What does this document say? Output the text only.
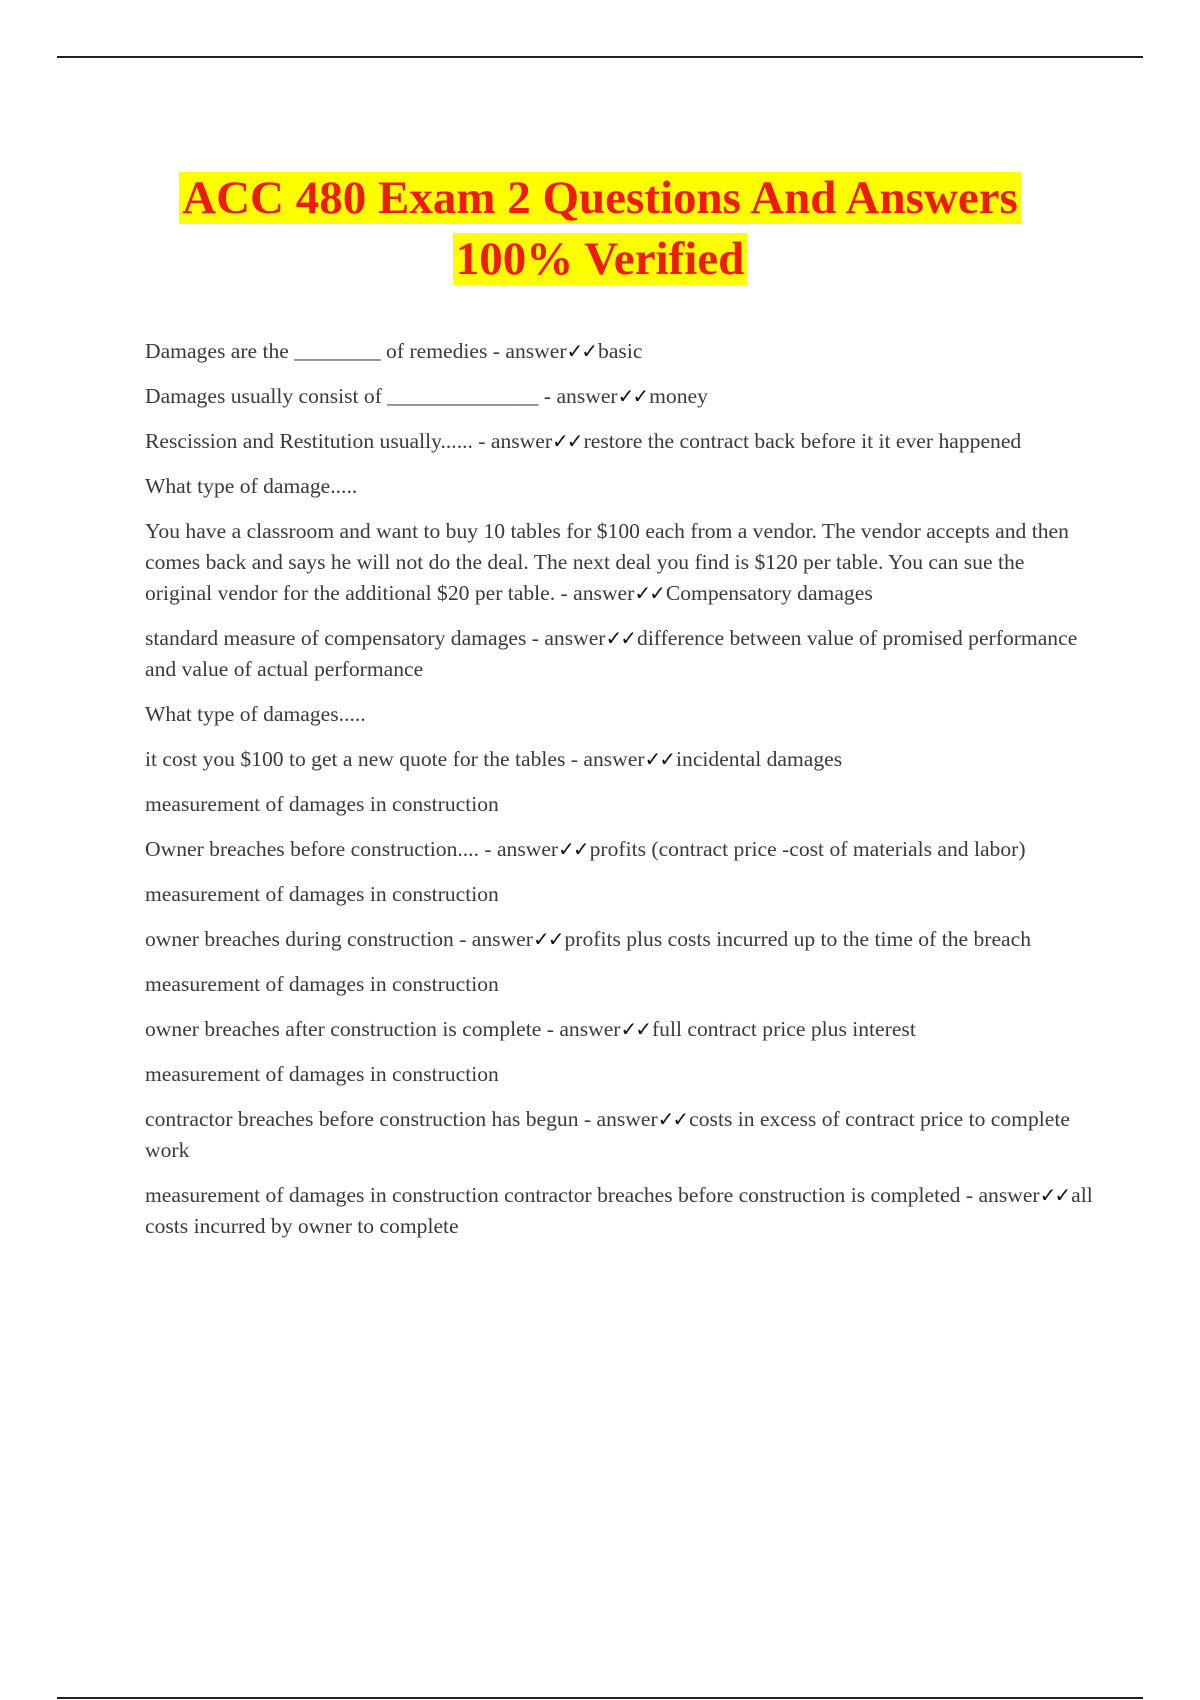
ACC 480 Exam 2 Questions And Answers
100% Verified

Damages are the ________ of remedies - answer✓✓basic

Damages usually consist of ______________ - answer✓✓money

Rescission and Restitution usually...... - answer✓✓restore the contract back before it it ever happened

What type of damage.....

You have a classroom and want to buy 10 tables for $100 each from a vendor. The vendor accepts and then comes back and says he will not do the deal. The next deal you find is $120 per table. You can sue the original vendor for the additional $20 per table. - answer✓✓Compensatory damages

standard measure of compensatory damages - answer✓✓difference between value of promised performance and value of actual performance

What type of damages.....

it cost you $100 to get a new quote for the tables - answer✓✓incidental damages

measurement of damages in construction

Owner breaches before construction.... - answer✓✓profits (contract price -cost of materials and labor)

measurement of damages in construction

owner breaches during construction - answer✓✓profits plus costs incurred up to the time of the breach

measurement of damages in construction

owner breaches after construction is complete - answer✓✓full contract price plus interest

measurement of damages in construction

contractor breaches before construction has begun - answer✓✓costs in excess of contract price to complete work

measurement of damages in construction contractor breaches before construction is completed - answer✓✓all costs incurred by owner to complete
